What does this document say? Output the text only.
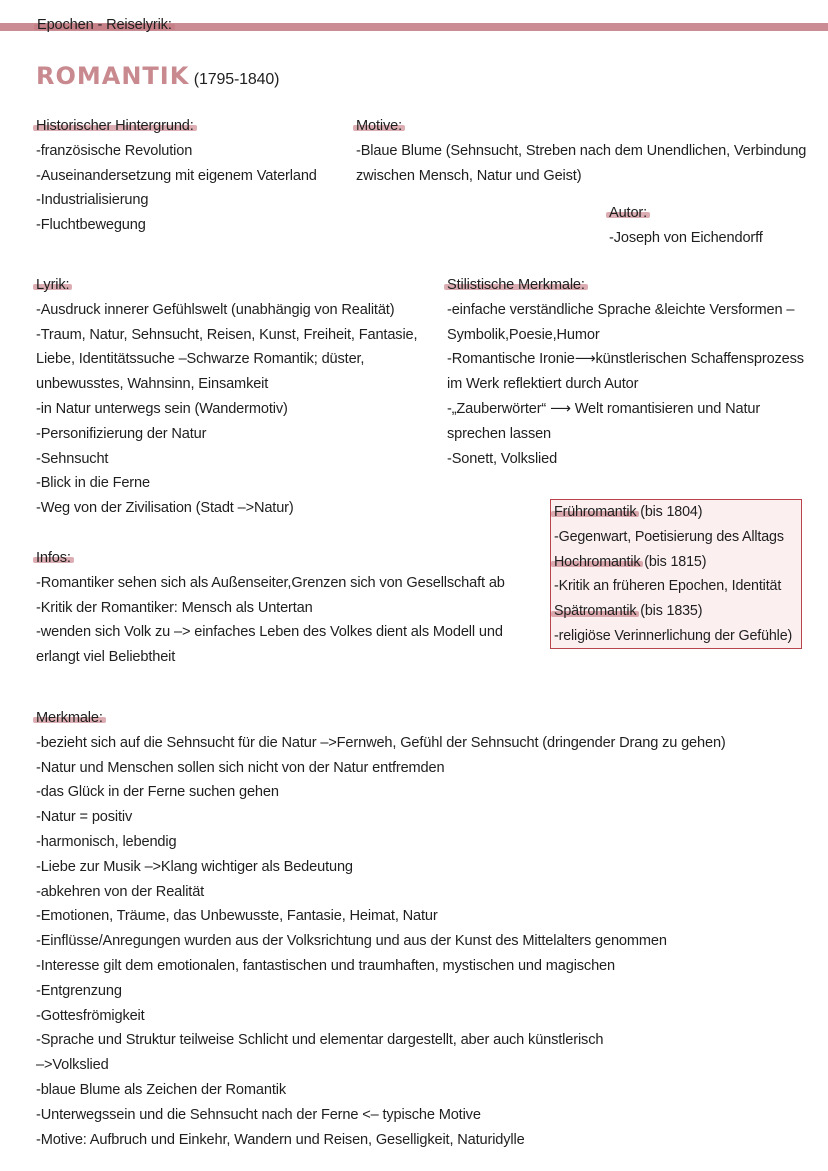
Epochen - Reiselyrik:
ROMANTIK (1795-1840)
Historischer Hintergrund:
-französische Revolution
-Auseinandersetzung mit eigenem Vaterland
-Industrialisierung
-Fluchtbewegung
Motive:
-Blaue Blume (Sehnsucht, Streben nach dem Unendlichen, Verbindung
zwischen Mensch, Natur und Geist)
Autor:
-Joseph von Eichendorff
Lyrik:
-Ausdruck innerer Gefühlswelt (unabhängig von Realität)
-Traum, Natur, Sehnsucht, Reisen, Kunst, Freiheit, Fantasie,
Liebe, Identitätssuche –Schwarze Romantik; düster,
unbewusstes, Wahnsinn, Einsamkeit
-in Natur unterwegs sein (Wandermotiv)
-Personifizierung der Natur
-Sehnsucht
-Blick in die Ferne
-Weg von der Zivilisation (Stadt –>Natur)
Stilistische Merkmale:
-einfache verständliche Sprache &leichte Versformen –
Symbolik,Poesie,Humor
-Romantische Ironie⟶künstlerischen Schaffensprozess
im Werk reflektiert durch Autor
-„Zauberwörter“ ⟶ Welt romantisieren und Natur
sprechen lassen
-Sonett, Volkslied
Frühromantik (bis 1804)
-Gegenwart, Poetisierung des Alltags
Hochromantik (bis 1815)
-Kritik an früheren Epochen, Identität
Spätromantik (bis 1835)
-religiöse Verinnerlichung der Gefühle)
Infos:
-Romantiker sehen sich als Außenseiter,Grenzen sich von Gesellschaft ab
-Kritik der Romantiker: Mensch als Untertan
-wenden sich Volk zu –> einfaches Leben des Volkes dient als Modell und
erlangt viel Beliebtheit
Merkmale:
-bezieht sich auf die Sehnsucht für die Natur –>Fernweh, Gefühl der Sehnsucht (dringender Drang zu gehen)
-Natur und Menschen sollen sich nicht von der Natur entfremden
-das Glück in der Ferne suchen gehen
-Natur = positiv
-harmonisch, lebendig
-Liebe zur Musik –>Klang wichtiger als Bedeutung
-abkehren von der Realität
-Emotionen, Träume, das Unbewusste, Fantasie, Heimat, Natur
-Einflüsse/Anregungen wurden aus der Volksrichtung und aus der Kunst des Mittelalters genommen
-Interesse gilt dem emotionalen, fantastischen und traumhaften, mystischen und magischen
-Entgrenzung
-Gottesfrömigkeit
-Sprache und Struktur teilweise Schlicht und elementar dargestellt, aber auch künstlerisch
–>Volkslied
-blaue Blume als Zeichen der Romantik
-Unterwegssein und die Sehnsucht nach der Ferne <– typische Motive
-Motive: Aufbruch und Einkehr, Wandern und Reisen, Geselligkeit, Naturidylle
